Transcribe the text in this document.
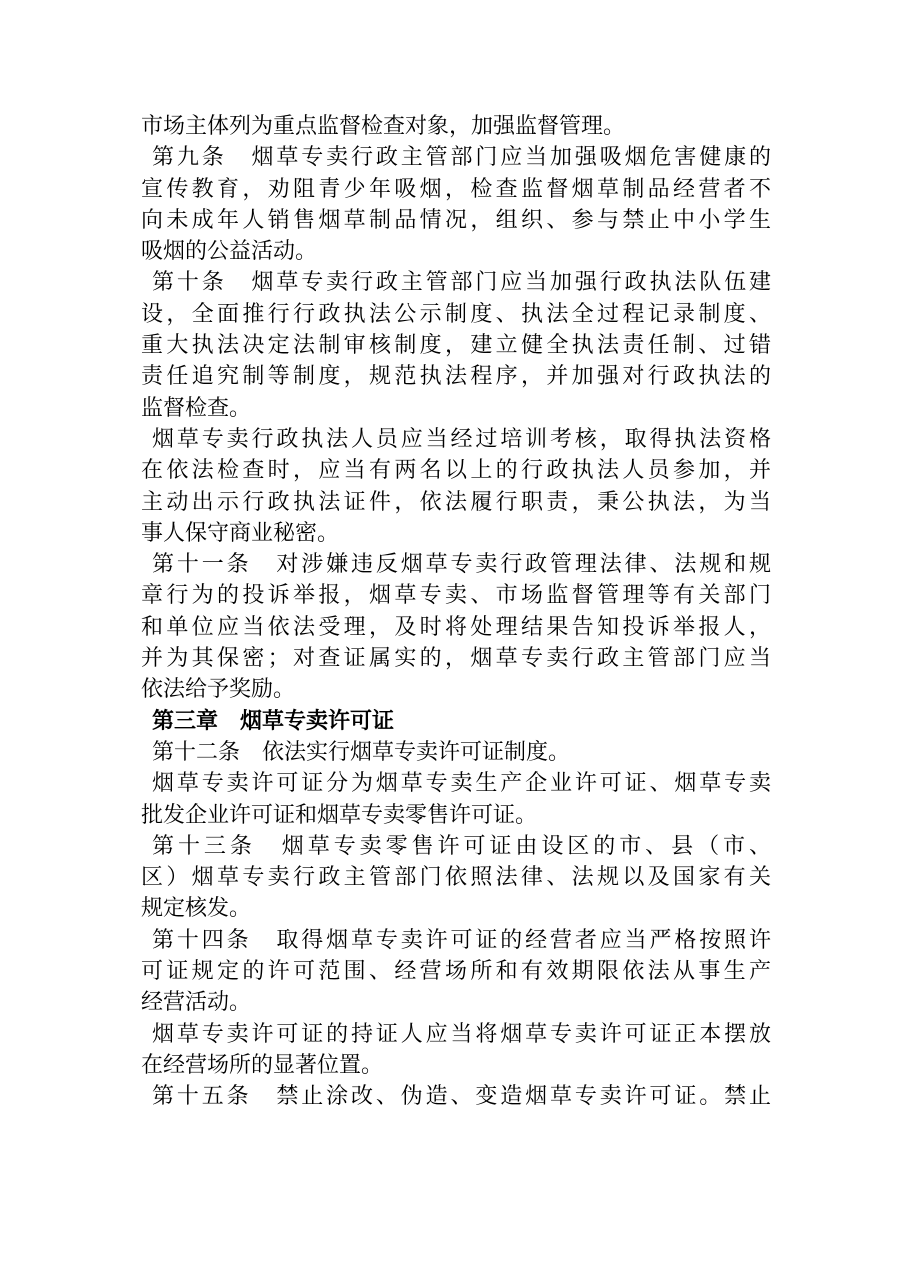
市场主体列为重点监督检查对象，加强监督管理。
第九条　烟草专卖行政主管部门应当加强吸烟危害健康的
宣传教育，劝阻青少年吸烟，检查监督烟草制品经营者不
向未成年人销售烟草制品情况，组织、参与禁止中小学生
吸烟的公益活动。
第十条　烟草专卖行政主管部门应当加强行政执法队伍建
设，全面推行行政执法公示制度、执法全过程记录制度、
重大执法决定法制审核制度，建立健全执法责任制、过错
责任追究制等制度，规范执法程序，并加强对行政执法的
监督检查。
烟草专卖行政执法人员应当经过培训考核，取得执法资格
在依法检查时，应当有两名以上的行政执法人员参加，并
主动出示行政执法证件，依法履行职责，秉公执法，为当
事人保守商业秘密。
第十一条　对涉嫌违反烟草专卖行政管理法律、法规和规
章行为的投诉举报，烟草专卖、市场监督管理等有关部门
和单位应当依法受理，及时将处理结果告知投诉举报人，
并为其保密；对查证属实的，烟草专卖行政主管部门应当
依法给予奖励。
第三章　烟草专卖许可证
第十二条　依法实行烟草专卖许可证制度。
烟草专卖许可证分为烟草专卖生产企业许可证、烟草专卖
批发企业许可证和烟草专卖零售许可证。
第十三条　烟草专卖零售许可证由设区的市、县（市、
区）烟草专卖行政主管部门依照法律、法规以及国家有关
规定核发。
第十四条　取得烟草专卖许可证的经营者应当严格按照许
可证规定的许可范围、经营场所和有效期限依法从事生产
经营活动。
烟草专卖许可证的持证人应当将烟草专卖许可证正本摆放
在经营场所的显著位置。
第十五条　禁止涂改、伪造、变造烟草专卖许可证。禁止
